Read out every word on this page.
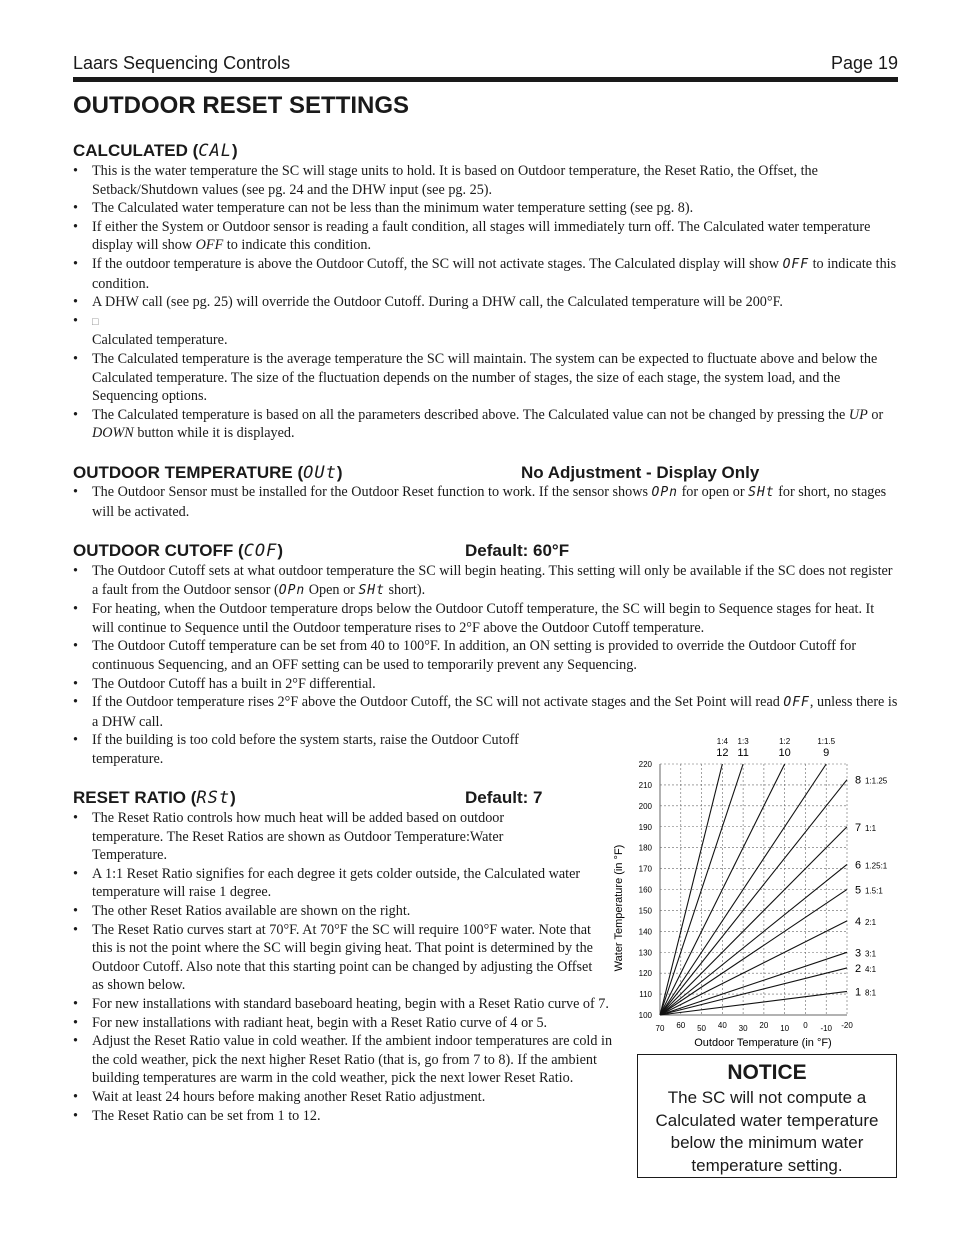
Laars Sequencing Controls	Page 19
OUTDOOR RESET SETTINGS
CALCULATED (CAL)
• This is the water temperature the SC will stage units to hold. It is based on Outdoor temperature, the Reset Ratio, the Offset, the Setback/Shutdown values (see pg. 24 and the DHW input (see pg. 25).
• The Calculated water temperature can not be less than the minimum water temperature setting (see pg. 8).
• If either the System or Outdoor sensor is reading a fault condition, all stages will immediately turn off. The Calculated water temperature display will show OFF to indicate this condition.
• If the outdoor temperature is above the Outdoor Cutoff, the SC will not activate stages. The Calculated display will show OFF to indicate this condition.
• A DHW call (see pg. 25) will override the Outdoor Cutoff. During a DHW call, the Calculated temperature will be 200°F.
• □
Calculated temperature.
• The Calculated temperature is the average temperature the SC will maintain. The system can be expected to fluctuate above and below the Calculated temperature. The size of the fluctuation depends on the number of stages, the size of each stage, the system load, and the Sequencing options.
• The Calculated temperature is based on all the parameters described above. The Calculated value can not be changed by pressing the UP or DOWN button while it is displayed.
OUTDOOR TEMPERATURE (OUt)	No Adjustment - Display Only
• The Outdoor Sensor must be installed for the Outdoor Reset function to work. If the sensor shows OPn for open or SHt for short, no stages will be activated.
OUTDOOR CUTOFF (COF)	Default: 60°F
• The Outdoor Cutoff sets at what outdoor temperature the SC will begin heating. This setting will only be available if the SC does not register a fault from the Outdoor sensor (OPn Open or SHt short).
• For heating, when the Outdoor temperature drops below the Outdoor Cutoff temperature, the SC will begin to Sequence stages for heat. It will continue to Sequence until the Outdoor temperature rises to 2°F above the Outdoor Cutoff temperature.
• The Outdoor Cutoff temperature can be set from 40 to 100°F. In addition, an ON setting is provided to override the Outdoor Cutoff for continuous Sequencing, and an OFF setting can be used to temporarily prevent any Sequencing.
• The Outdoor Cutoff has a built in 2°F differential.
• If the Outdoor temperature rises 2°F above the Outdoor Cutoff, the SC will not activate stages and the Set Point will read OFF, unless there is a DHW call.
• If the building is too cold before the system starts, raise the Outdoor Cutoff temperature.
RESET RATIO (RSt)	Default: 7
• The Reset Ratio controls how much heat will be added based on outdoor temperature. The Reset Ratios are shown as Outdoor Temperature:Water Temperature.
• A 1:1 Reset Ratio signifies for each degree it gets colder outside, the Calculated water temperature will raise 1 degree.
• The other Reset Ratios available are shown on the right.
• The Reset Ratio curves start at 70°F. At 70°F the SC will require 100°F water. Note that this is not the point where the SC will begin giving heat. That point is determined by the Outdoor Cutoff. Also note that this starting point can be changed by adjusting the Offset as shown below.
• For new installations with standard baseboard heating, begin with a Reset Ratio curve of 7.
• For new installations with radiant heat, begin with a Reset Ratio curve of 4 or 5.
• Adjust the Reset Ratio value in cold weather. If the ambient indoor temperatures are cold in the cold weather, pick the next higher Reset Ratio (that is, go from 7 to 8). If the ambient building temperatures are warm in the cold weather, pick the next lower Reset Ratio.
• Wait at least 24 hours before making another Reset Ratio adjustment.
• The Reset Ratio can be set from 1 to 12.
100
110
120
130
140
150
160
170
180
190
200
210
220
70 60 50 40 30 20 10 0 -10 -20
1 8:1
2 4:1
3 3:1
4 2:1
5 1.5:1
6 1.25:1
7 1:1
8 1:1.25
9
1:1.5
10
1:2
11
1:3
12
1:4
Outdoor Temperature (in °F)
Water Temperature (in °F)
NOTICE
The SC will not compute a Calculated water temperature below the minimum water temperature setting.
